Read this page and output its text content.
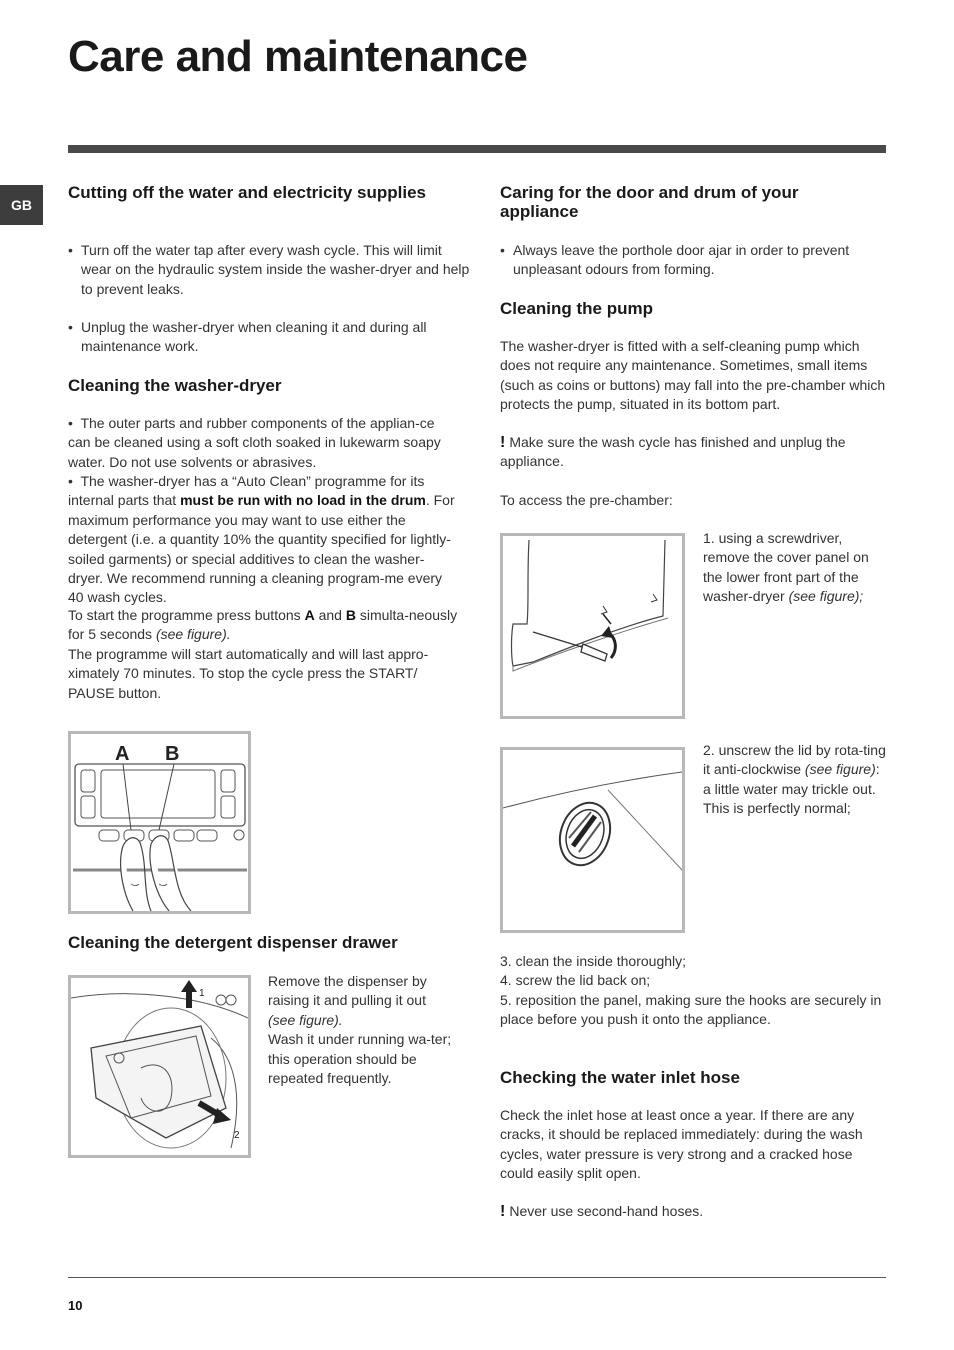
Care and maintenance
GB
Cutting off the water and electricity supplies

• Turn off the water tap after every wash cycle. This will limit wear on the hydraulic system inside the washer-dryer and help to prevent leaks.

• Unplug the washer-dryer when cleaning it and during all maintenance work.

Cleaning the washer-dryer

•  The outer parts and rubber components of the applian-ce can be cleaned using a soft cloth soaked in lukewarm soapy water. Do not use solvents or abrasives.

•  The washer-dryer has a “Auto Clean” programme for its internal parts that must be run with no load in the drum. For maximum performance you may want to use either the detergent (i.e. a quantity 10% the quantity specified for lightly-soiled garments) or special additives to clean the washer-dryer. We recommend running a cleaning program-me every 40 wash cycles.

To start the programme press buttons A and B simulta-neously for 5 seconds (see figure).

The programme will start automatically and will last appro-ximately 70 minutes. To stop the cycle press the START/ PAUSE button.

A B
Cleaning the detergent dispenser drawer
1
2

Remove the dispenser by raising it and pulling it out (see figure).
Wash it under running wa-ter; this operation should be repeated frequently.

Caring for the door and drum of your appliance

• Always leave the porthole door ajar in order to prevent unpleasant odours from forming.

Cleaning the pump

The washer-dryer is fitted with a self-cleaning pump which does not require any maintenance. Sometimes, small items (such as coins or buttons) may fall into the pre-chamber which protects the pump, situated in its bottom part.

! Make sure the wash cycle has finished and unplug the appliance.

To access the pre-chamber:

1. using a screwdriver, remove the cover panel on the lower front part of the washer-dryer (see figure);

2. unscrew the lid by rota-ting it anti-clockwise (see figure): a little water may trickle out. This is perfectly normal;

3. clean the inside thoroughly;
4. screw the lid back on;
5. reposition the panel, making sure the hooks are securely in place before you push it onto the appliance.

Checking the water inlet hose

Check the inlet hose at least once a year. If there are any cracks, it should be replaced immediately: during the wash cycles, water pressure is very strong and a cracked hose could easily split open.

! Never use second-hand hoses.

10
